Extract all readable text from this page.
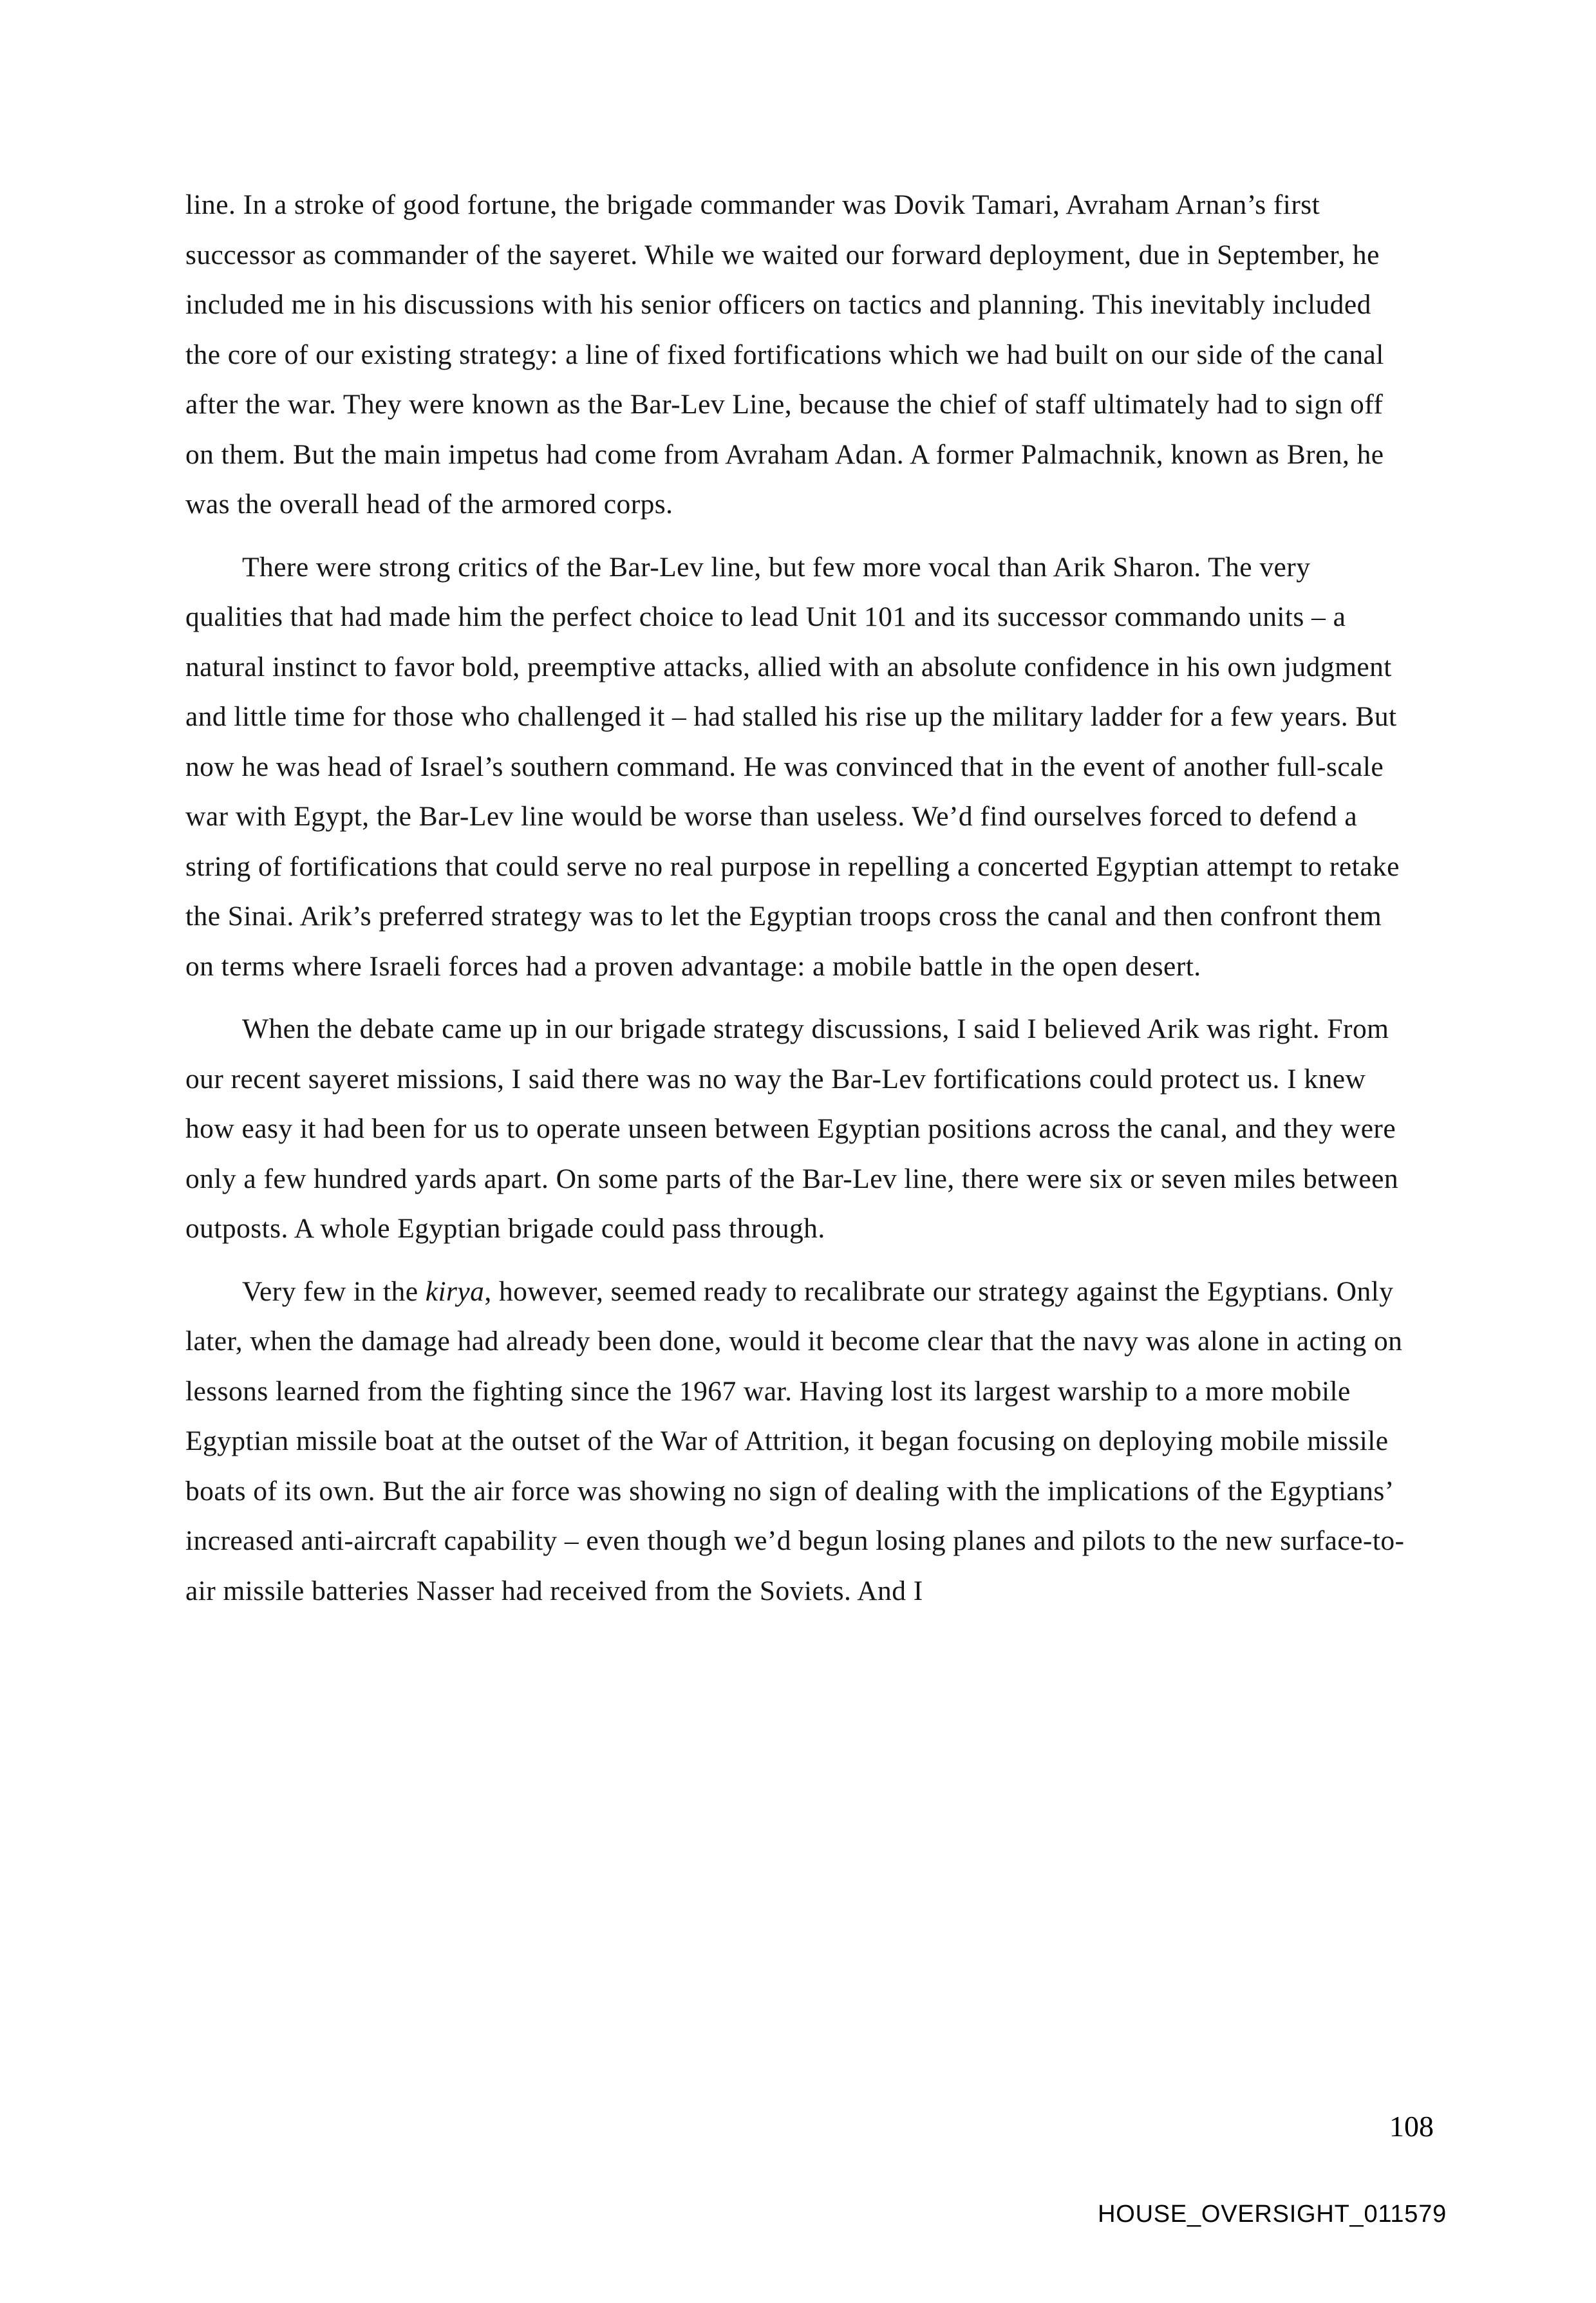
line. In a stroke of good fortune, the brigade commander was Dovik Tamari, Avraham Arnan’s first successor as commander of the sayeret. While we waited our forward deployment, due in September, he included me in his discussions with his senior officers on tactics and planning. This inevitably included the core of our existing strategy: a line of fixed fortifications which we had built on our side of the canal after the war. They were known as the Bar-Lev Line, because the chief of staff ultimately had to sign off on them. But the main impetus had come from Avraham Adan. A former Palmachnik, known as Bren, he was the overall head of the armored corps.

There were strong critics of the Bar-Lev line, but few more vocal than Arik Sharon. The very qualities that had made him the perfect choice to lead Unit 101 and its successor commando units – a natural instinct to favor bold, preemptive attacks, allied with an absolute confidence in his own judgment and little time for those who challenged it – had stalled his rise up the military ladder for a few years. But now he was head of Israel’s southern command. He was convinced that in the event of another full-scale war with Egypt, the Bar-Lev line would be worse than useless. We’d find ourselves forced to defend a string of fortifications that could serve no real purpose in repelling a concerted Egyptian attempt to retake the Sinai. Arik’s preferred strategy was to let the Egyptian troops cross the canal and then confront them on terms where Israeli forces had a proven advantage: a mobile battle in the open desert.

When the debate came up in our brigade strategy discussions, I said I believed Arik was right. From our recent sayeret missions, I said there was no way the Bar-Lev fortifications could protect us. I knew how easy it had been for us to operate unseen between Egyptian positions across the canal, and they were only a few hundred yards apart. On some parts of the Bar-Lev line, there were six or seven miles between outposts. A whole Egyptian brigade could pass through.

Very few in the kirya, however, seemed ready to recalibrate our strategy against the Egyptians. Only later, when the damage had already been done, would it become clear that the navy was alone in acting on lessons learned from the fighting since the 1967 war. Having lost its largest warship to a more mobile Egyptian missile boat at the outset of the War of Attrition, it began focusing on deploying mobile missile boats of its own. But the air force was showing no sign of dealing with the implications of the Egyptians’ increased anti-aircraft capability – even though we’d begun losing planes and pilots to the new surface-to-air missile batteries Nasser had received from the Soviets. And I

108
HOUSE_OVERSIGHT_011579
